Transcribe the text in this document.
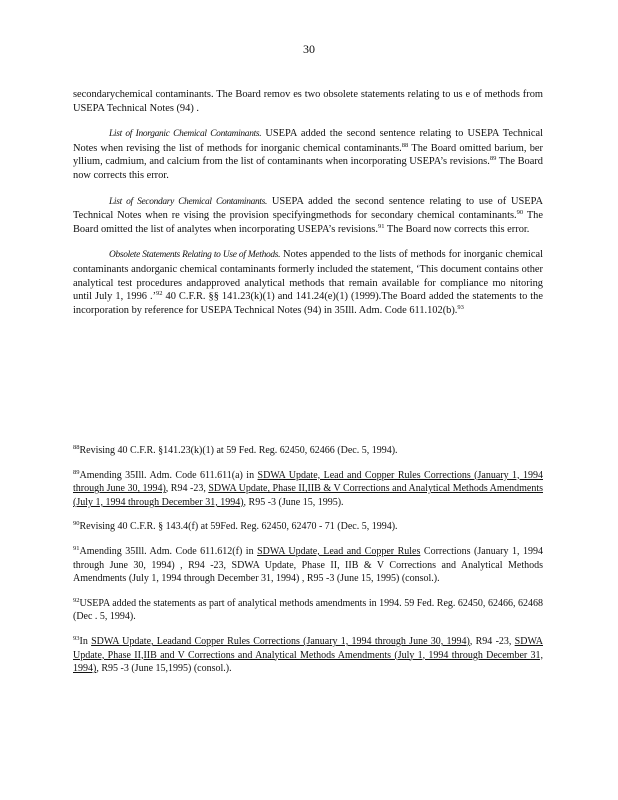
30

secondarychemical contaminants. The Board remov es two obsolete statements relating to us e of methods from USEPA Technical Notes (94) .

List of Inorganic Chemical Contaminants. USEPA added the second sentence relating to USEPA Technical Notes when revising the list of methods for inorganic chemical contaminants.$^{88}$ The Board omitted barium, ber yllium, cadmium, and calcium from the list of contaminants when incorporating USEPA’s revisions.$^{89}$ The Board now corrects this error.

List of Secondary Chemical Contaminants. USEPA added the second sentence relating to use of USEPA Technical Notes when re vising the provision specifyingmethods for secondary chemical contaminants.$^{90}$ The Board omitted the list of analytes when incorporating USEPA’s revisions.$^{91}$ The Board now corrects this error.

Obsolete Statements Relating to Use of Methods. Notes appended to the lists of methods for inorganic chemical contaminants andorganic chemical contaminants formerly included the statement, ‘This document contains other analytical test procedures andapproved analytical methods that remain available for compliance mo nitoring until July 1, 1996 .’$^{92}$ 40 C.F.R. §§ 141.23(k)(1) and 141.24(e)(1) (1999).The Board added the statements to the incorporation by reference for USEPA Technical Notes (94) in 35Ill. Adm. Code 611.102(b).$^{93}$

$^{88}$Revising 40 C.F.R. §141.23(k)(1) at 59 Fed. Reg. 62450, 62466 (Dec. 5, 1994).

$^{89}$Amending 35Ill. Adm. Code 611.611(a) in SDWA Update, Lead and Copper Rules Corrections (January 1, 1994 through June 30, 1994), R94 -23, SDWA Update, Phase II,IIB & V Corrections and Analytical Methods Amendments (July 1, 1994 through December 31, 1994), R95 -3 (June 15, 1995).

$^{90}$Revising 40 C.F.R. § 143.4(f) at 59Fed. Reg. 62450, 62470 - 71 (Dec. 5, 1994).

$^{91}$Amending 35Ill. Adm. Code 611.612(f) in SDWA Update, Lead and Copper Rules Corrections (January 1, 1994 through June 30, 1994) , R94 -23, SDWA Update, Phase II, IIB & V Corrections and Analytical Methods Amendments (July 1, 1994 through December 31, 1994) , R95 -3 (June 15, 1995) (consol.).

$^{92}$USEPA added the statements as part of analytical methods amendments in 1994. 59 Fed. Reg. 62450, 62466, 62468 (Dec . 5, 1994).

$^{93}$In SDWA Update, Leadand Copper Rules Corrections (January 1, 1994 through June 30, 1994), R94 -23, SDWA Update, Phase II,IIB and V Corrections and Analytical Methods Amendments (July 1, 1994 through December 31, 1994), R95 -3 (June 15,1995) (consol.).
